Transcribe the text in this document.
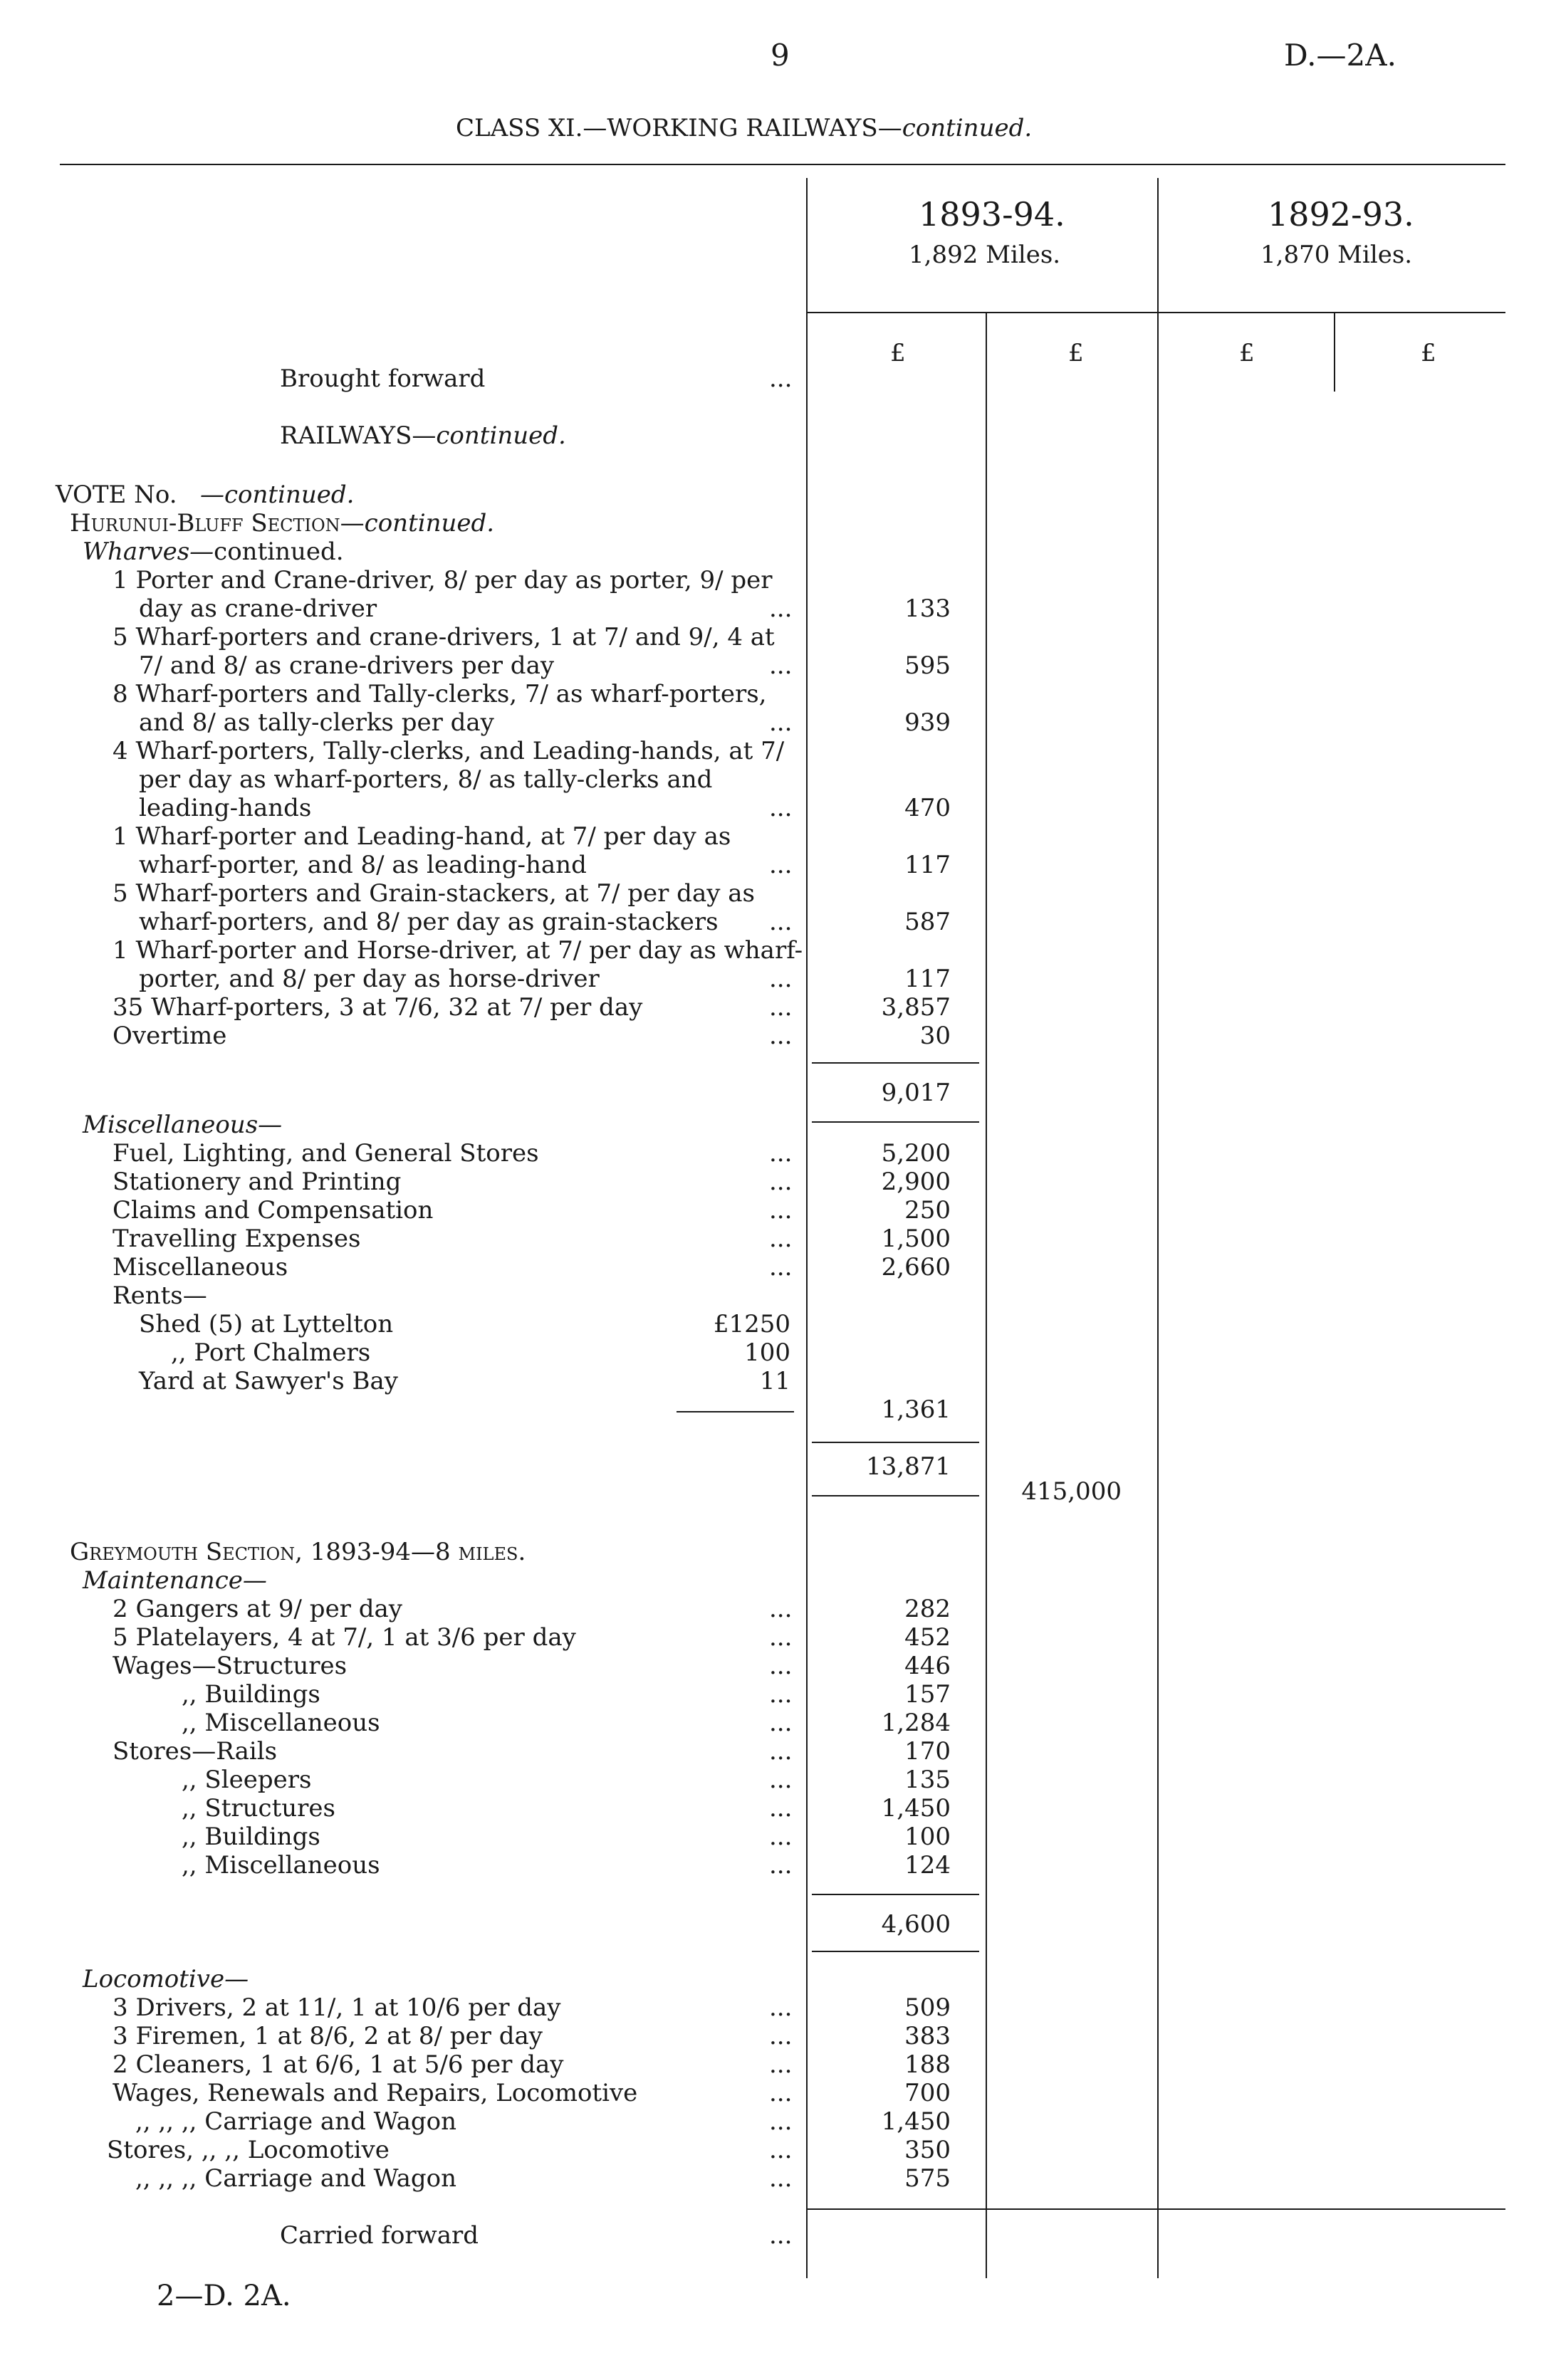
9	D.—2A.
CLASS XI.—WORKING RAILWAYS—continued.
1893-94.
1,892 Miles.
1892-93.
1,870 Miles.
£	£	£	£
Brought forward	...
RAILWAYS—continued.
VOTE No. —continued.
Hurunui-Bluff Section—continued.
Wharves—continued.
1 Porter and Crane-driver, 8/ per day as porter, 9/ per
day as crane-driver	...	133
5 Wharf-porters and crane-drivers, 1 at 7/ and 9/, 4 at
7/ and 8/ as crane-drivers per day	...	595
8 Wharf-porters and Tally-clerks, 7/ as wharf-porters,
and 8/ as tally-clerks per day	...	939
4 Wharf-porters, Tally-clerks, and Leading-hands, at 7/
per day as wharf-porters, 8/ as tally-clerks and
leading-hands	...	470
1 Wharf-porter and Leading-hand, at 7/ per day as
wharf-porter, and 8/ as leading-hand	...	117
5 Wharf-porters and Grain-stackers, at 7/ per day as
wharf-porters, and 8/ per day as grain-stackers ...	587
1 Wharf-porter and Horse-driver, at 7/ per day as wharf-
porter, and 8/ per day as horse-driver	...	117
35 Wharf-porters, 3 at 7/6, 32 at 7/ per day	...	3,857
Overtime	...	30
9,017
Miscellaneous—
Fuel, Lighting, and General Stores	...	5,200
Stationery and Printing	...	2,900
Claims and Compensation	...	250
Travelling Expenses	...	1,500
Miscellaneous	...	2,660
Rents—
Shed (5) at Lyttelton	£1250
,, Port Chalmers	100
Yard at Sawyer's Bay	11
1,361
13,871
415,000
Greymouth Section, 1893-94—8 miles.
Maintenance—
2 Gangers at 9/ per day	...	282
5 Platelayers, 4 at 7/, 1 at 3/6 per day	...	452
Wages—Structures	...	446
,, Buildings	...	157
,, Miscellaneous	...	1,284
Stores—Rails	...	170
,, Sleepers	...	135
,, Structures	...	1,450
,, Buildings	...	100
,, Miscellaneous	...	124
4,600
Locomotive—
3 Drivers, 2 at 11/, 1 at 10/6 per day	...	509
3 Firemen, 1 at 8/6, 2 at 8/ per day	...	383
2 Cleaners, 1 at 6/6, 1 at 5/6 per day	...	188
Wages, Renewals and Repairs, Locomotive	...	700
,, ,, ,, Carriage and Wagon	...	1,450
Stores, ,, ,, Locomotive	...	350
,, ,, ,, Carriage and Wagon	...	575
Carried forward	...
2—D. 2A.
